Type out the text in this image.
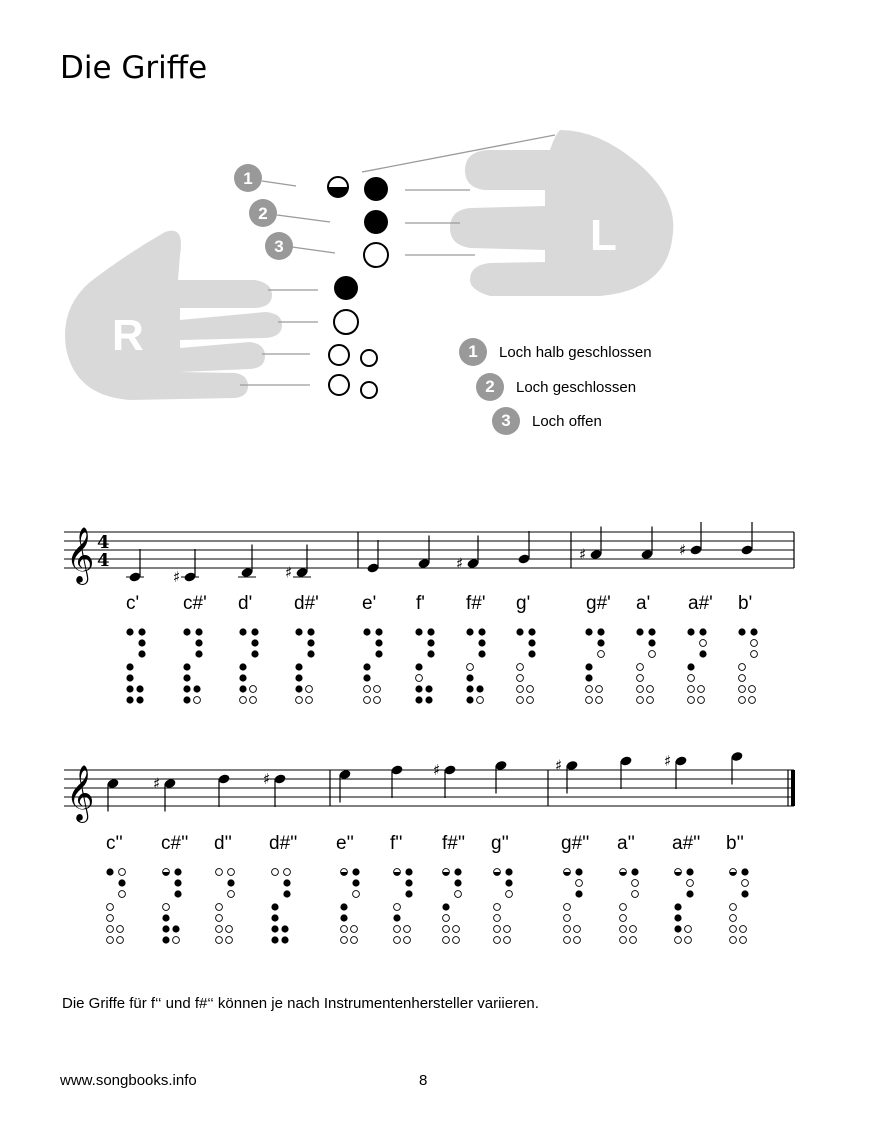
Die Griffe
L
R
1
2
3
𝄞 4
4
♯	♯	♯	♯	♯
𝄞	♯	♯	♯	♯	♯
1	Loch halb geschlossen
2	Loch geschlossen
3	Loch offen
c' c#' d' d#' e' f' f#' g'	g#' a' a#' b'
c'' c#'' d'' d#'' e'' f'' f#'' g''	g#'' a'' a#'' b''
Die Griffe für f‘‘ und f#‘‘ können je nach Instrumentenhersteller variieren.
www.songbooks.info	8
